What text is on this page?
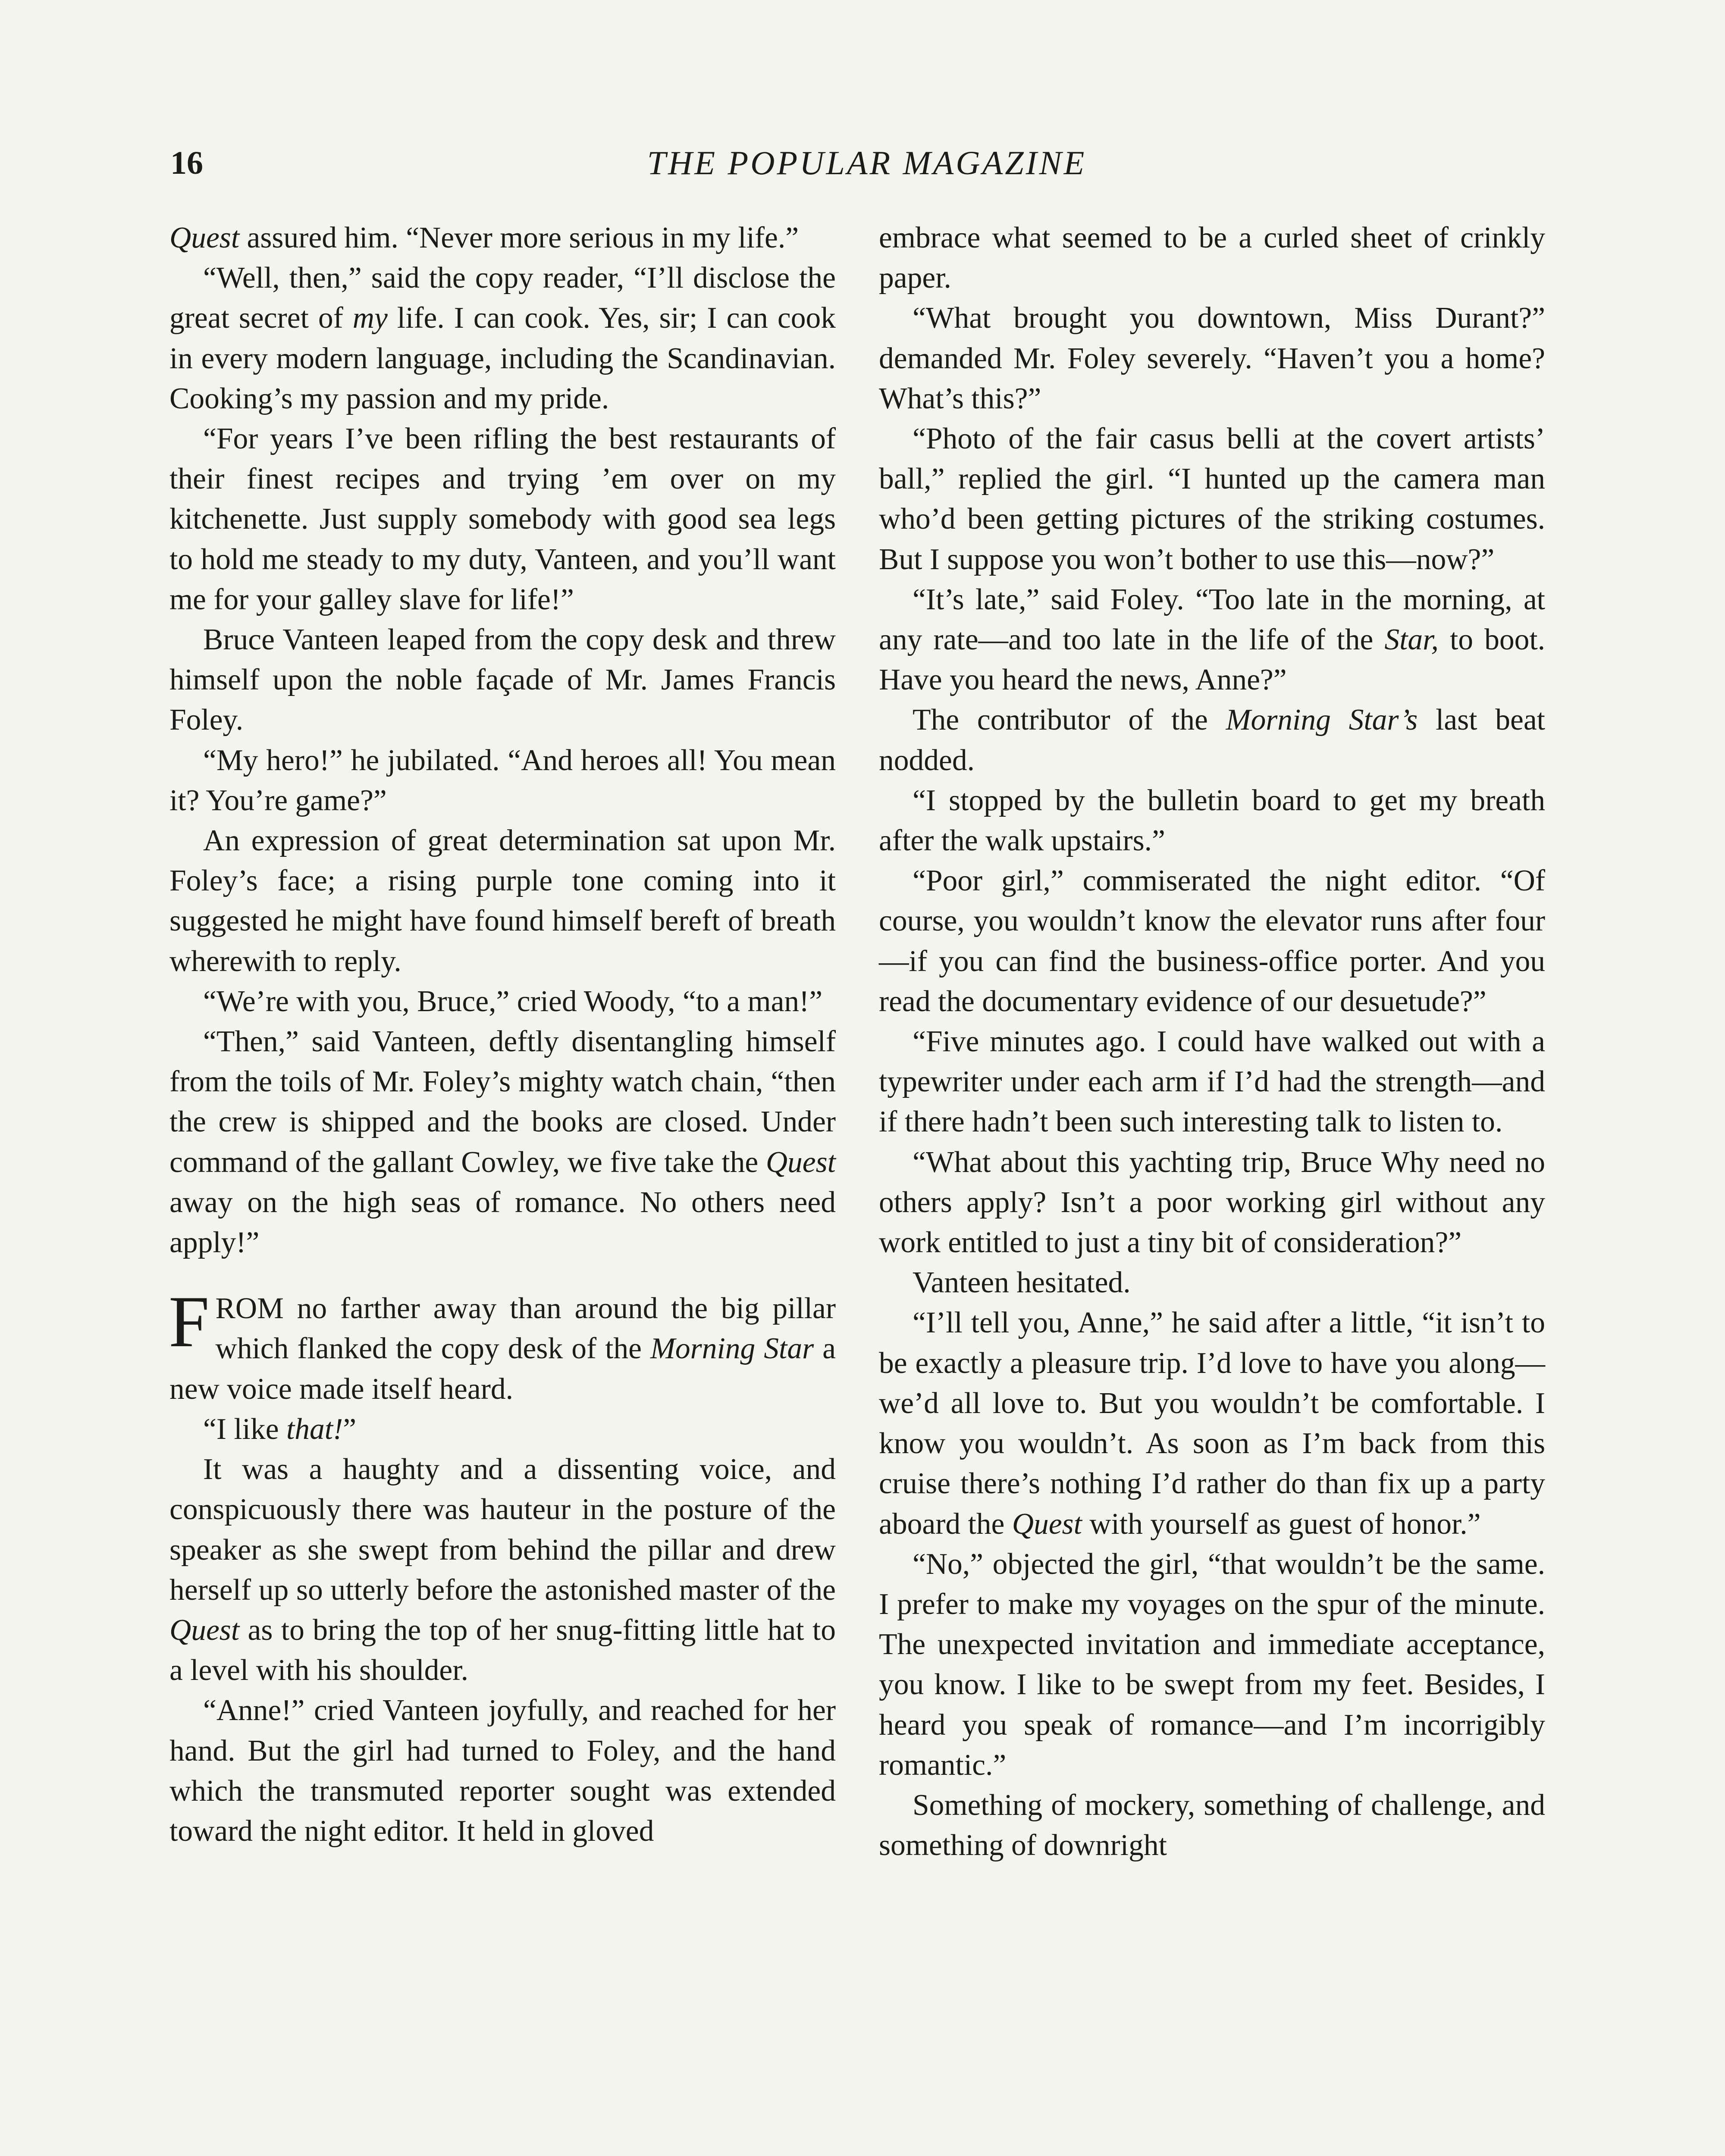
16	THE POPULAR MAGAZINE

Quest assured him. “Never more serious in my life.”

“Well, then,” said the copy reader, “I’ll disclose the great secret of my life. I can cook. Yes, sir; I can cook in every modern language, including the Scandinavian. Cooking’s my passion and my pride.

“For years I’ve been rifling the best restaurants of their finest recipes and trying ’em over on my kitchenette. Just supply somebody with good sea legs to hold me steady to my duty, Vanteen, and you’ll want me for your galley slave for life!”

Bruce Vanteen leaped from the copy desk and threw himself upon the noble façade of Mr. James Francis Foley.

“My hero!” he jubilated. “And heroes all! You mean it? You’re game?”

An expression of great determination sat upon Mr. Foley’s face; a rising purple tone coming into it suggested he might have found himself bereft of breath wherewith to reply.

“We’re with you, Bruce,” cried Woody, “to a man!”

“Then,” said Vanteen, deftly disentangling himself from the toils of Mr. Foley’s mighty watch chain, “then the crew is shipped and the books are closed. Under command of the gallant Cowley, we five take the Quest away on the high seas of romance. No others need apply!”

F ROM no farther away than around the big pillar which flanked the copy desk of the Morning Star a new voice made itself heard.

“I like that!”

It was a haughty and a dissenting voice, and conspicuously there was hauteur in the posture of the speaker as she swept from behind the pillar and drew herself up so utterly before the astonished master of the Quest as to bring the top of her snug-fitting little hat to a level with his shoulder.

“Anne!” cried Vanteen joyfully, and reached for her hand. But the girl had turned to Foley, and the hand which the transmuted reporter sought was extended toward the night editor. It held in gloved

embrace what seemed to be a curled sheet of crinkly paper.

“What brought you downtown, Miss Durant?” demanded Mr. Foley severely. “Haven’t you a home? What’s this?”

“Photo of the fair casus belli at the covert artists’ ball,” replied the girl. “I hunted up the camera man who’d been getting pictures of the striking costumes. But I suppose you won’t bother to use this—now?”

“It’s late,” said Foley. “Too late in the morning, at any rate—and too late in the life of the Star, to boot. Have you heard the news, Anne?”

The contributor of the Morning Star’s last beat nodded.

“I stopped by the bulletin board to get my breath after the walk upstairs.”

“Poor girl,” commiserated the night editor. “Of course, you wouldn’t know the elevator runs after four—if you can find the business-office porter. And you read the documentary evidence of our desuetude?”

“Five minutes ago. I could have walked out with a typewriter under each arm if I’d had the strength—and if there hadn’t been such interesting talk to listen to.

“What about this yachting trip, Bruce Why need no others apply? Isn’t a poor working girl without any work entitled to just a tiny bit of consideration?”

Vanteen hesitated.

“I’ll tell you, Anne,” he said after a little, “it isn’t to be exactly a pleasure trip. I’d love to have you along—we’d all love to. But you wouldn’t be comfortable. I know you wouldn’t. As soon as I’m back from this cruise there’s nothing I’d rather do than fix up a party aboard the Quest with yourself as guest of honor.”

“No,” objected the girl, “that wouldn’t be the same. I prefer to make my voyages on the spur of the minute. The unexpected invitation and immediate acceptance, you know. I like to be swept from my feet. Besides, I heard you speak of romance—and I’m incorrigibly romantic.”

Something of mockery, something of challenge, and something of downright
